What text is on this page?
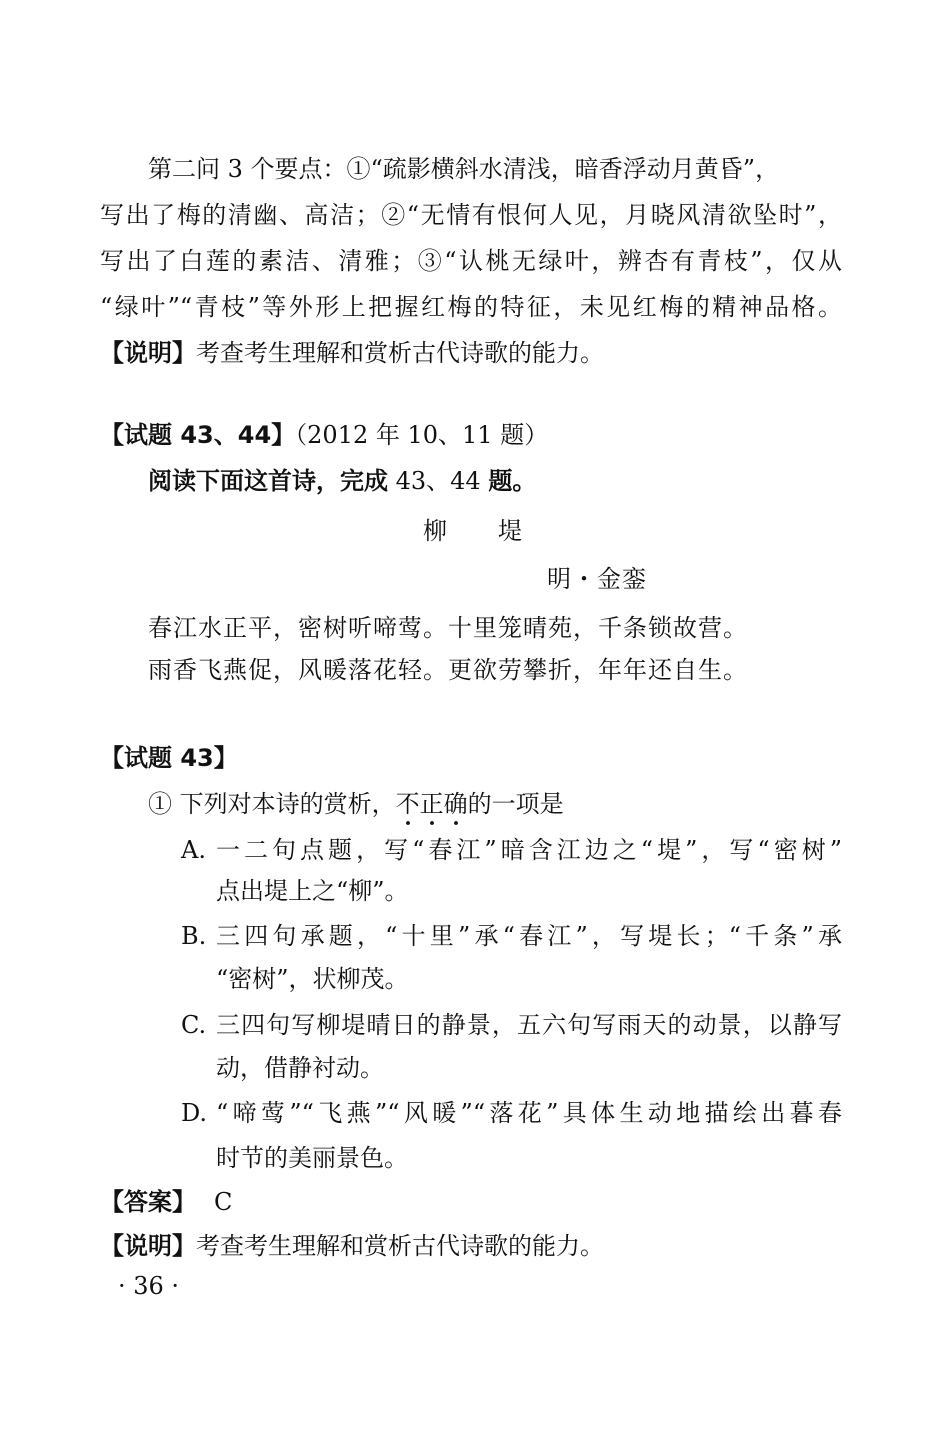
第二问 3 个要点：①“疏影横斜水清浅，暗香浮动月黄昏”，
写出了梅的清幽、高洁；②“无情有恨何人见，月晓风清欲坠时”，
写出了白莲的素洁、清雅；③“认桃无绿叶，辨杏有青枝”，仅从
“绿叶”“青枝”等外形上把握红梅的特征，未见红梅的精神品格。
【说明】考查考生理解和赏析古代诗歌的能力。
【试题 43、44】（2012 年 10、11 题）
阅读下面这首诗，完成 43、44 题。
柳　　堤
明・金銮
春江水正平，密树听啼莺。十里笼晴苑，千条锁故营。
雨香飞燕促，风暖落花轻。更欲劳攀折，年年还自生。
【试题 43】
① 下列对本诗的赏析，不正确的一项是
A. 一二句点题，写“春江”暗含江边之“堤”，写“密树”
点出堤上之“柳”。
B. 三四句承题，“十里”承“春江”，写堤长；“千条”承
“密树”，状柳茂。
C. 三四句写柳堤晴日的静景，五六句写雨天的动景，以静写
动，借静衬动。
D. “啼莺”“飞燕”“风暖”“落花”具体生动地描绘出暮春
时节的美丽景色。
【答案】 C
【说明】考查考生理解和赏析古代诗歌的能力。
· 36 ·
